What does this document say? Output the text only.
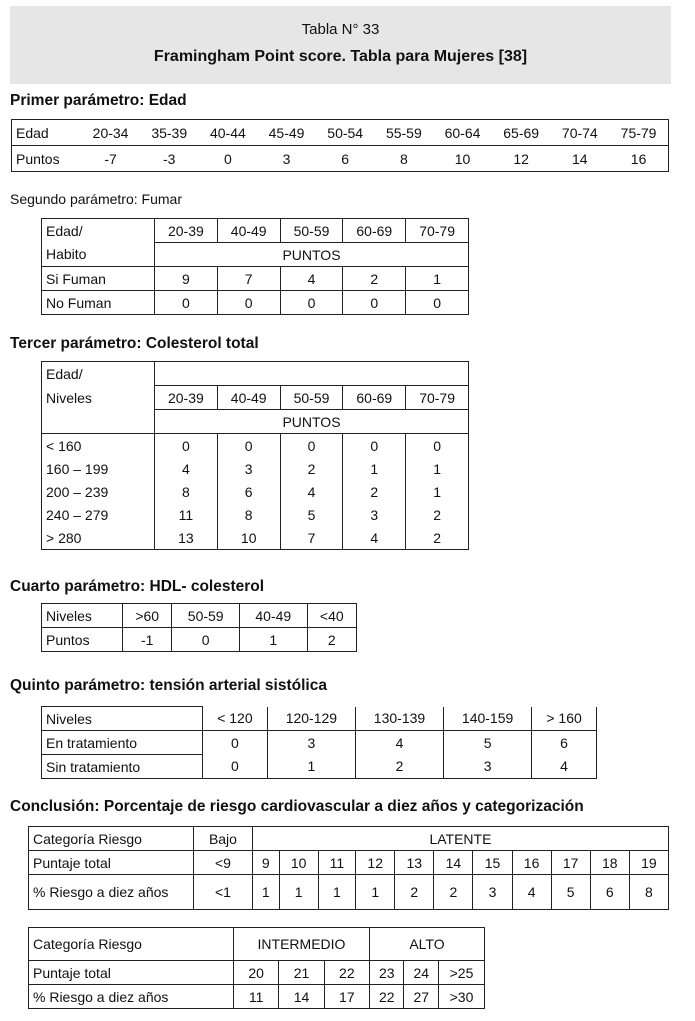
Tabla N° 33
Framingham Point score. Tabla para Mujeres [38]
Primer parámetro: Edad
Edad	20-34	35-39	40-44	45-49	50-54	55-59	60-64	65-69	70-74	75-79
Puntos	-7	-3	0	3	6	8	10	12	14	16
Segundo parámetro: Fumar
Edad/	20-39	40-49	50-59	60-69	70-79
Habito	PUNTOS				
Si Fuman	9	7	4	2	1
No Fuman	0	0	0	0	0
Tercer parámetro: Colesterol total
Edad/					
Niveles	20-39	40-49	50-59	60-69	70-79
	PUNTOS				
< 160	0	0	0	0	0
160 – 199	4	3	2	1	1
200 – 239	8	6	4	2	1
240 – 279	11	8	5	3	2
> 280	13	10	7	4	2
Cuarto parámetro: HDL- colesterol
Niveles	>60	50-59	40-49	<40
Puntos	-1	0	1	2
Quinto parámetro: tensión arterial sistólica
Niveles	< 120	120-129	130-139	140-159	> 160
En tratamiento	0	3	4	5	6
Sin tratamiento	0	1	2	3	4
Conclusión: Porcentaje de riesgo cardiovascular a diez años y categorización
Categoría Riesgo	Bajo	LATENTE										
Puntaje total	<9	9	10	11	12	13	14	15	16	17	18	19
% Riesgo a diez años	<1	1	1	1	1	2	2	3	4	5	6	8
Categoría Riesgo	INTERMEDIO			ALTO		
Puntaje total	20	21	22	23	24	>25
% Riesgo a diez años	11	14	17	22	27	>30
